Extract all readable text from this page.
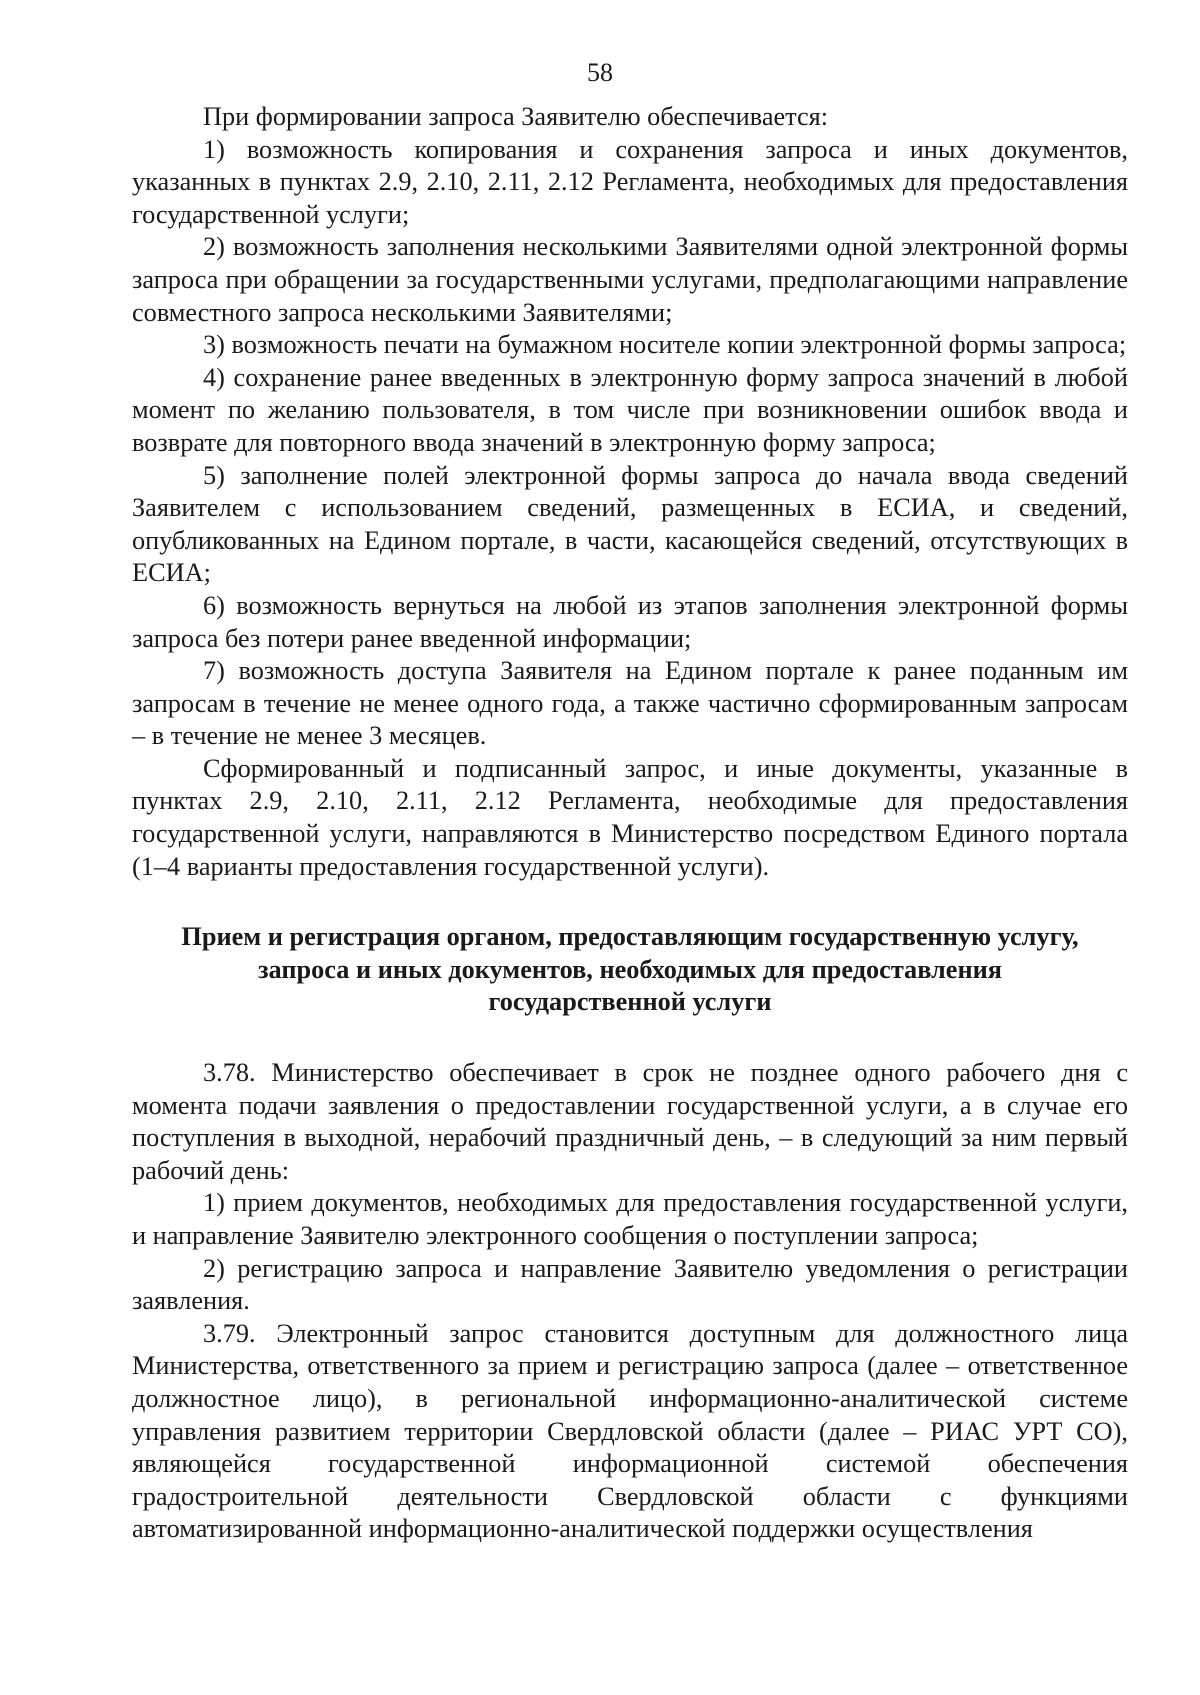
58

При формировании запроса Заявителю обеспечивается:

1) возможность копирования и сохранения запроса и иных документов, указанных в пунктах 2.9, 2.10, 2.11, 2.12 Регламента, необходимых для предоставления государственной услуги;

2) возможность заполнения несколькими Заявителями одной электронной формы запроса при обращении за государственными услугами, предполагающими направление совместного запроса несколькими Заявителями;

3) возможность печати на бумажном носителе копии электронной формы запроса;

4) сохранение ранее введенных в электронную форму запроса значений в любой момент по желанию пользователя, в том числе при возникновении ошибок ввода и возврате для повторного ввода значений в электронную форму запроса;

5) заполнение полей электронной формы запроса до начала ввода сведений Заявителем с использованием сведений, размещенных в ЕСИА, и сведений, опубликованных на Едином портале, в части, касающейся сведений, отсутствующих в ЕСИА;

6) возможность вернуться на любой из этапов заполнения электронной формы запроса без потери ранее введенной информации;

7) возможность доступа Заявителя на Едином портале к ранее поданным им запросам в течение не менее одного года, а также частично сформированным запросам – в течение не менее 3 месяцев.

Сформированный и подписанный запрос, и иные документы, указанные в пунктах 2.9, 2.10, 2.11, 2.12 Регламента, необходимые для предоставления государственной услуги, направляются в Министерство посредством Единого портала (1–4 варианты предоставления государственной услуги).

Прием и регистрация органом, предоставляющим государственную услугу,
запроса и иных документов, необходимых для предоставления
государственной услуги

3.78. Министерство обеспечивает в срок не позднее одного рабочего дня с момента подачи заявления о предоставлении государственной услуги, а в случае его поступления в выходной, нерабочий праздничный день, – в следующий за ним первый рабочий день:

1) прием документов, необходимых для предоставления государственной услуги, и направление Заявителю электронного сообщения о поступлении запроса;

2) регистрацию запроса и направление Заявителю уведомления о регистрации заявления.

3.79. Электронный запрос становится доступным для должностного лица Министерства, ответственного за прием и регистрацию запроса (далее – ответственное должностное лицо), в региональной информационно-аналитической системе управления развитием территории Свердловской области (далее – РИАС УРТ СО), являющейся государственной информационной системой обеспечения градостроительной деятельности Свердловской области с функциями автоматизированной информационно-аналитической поддержки осуществления
